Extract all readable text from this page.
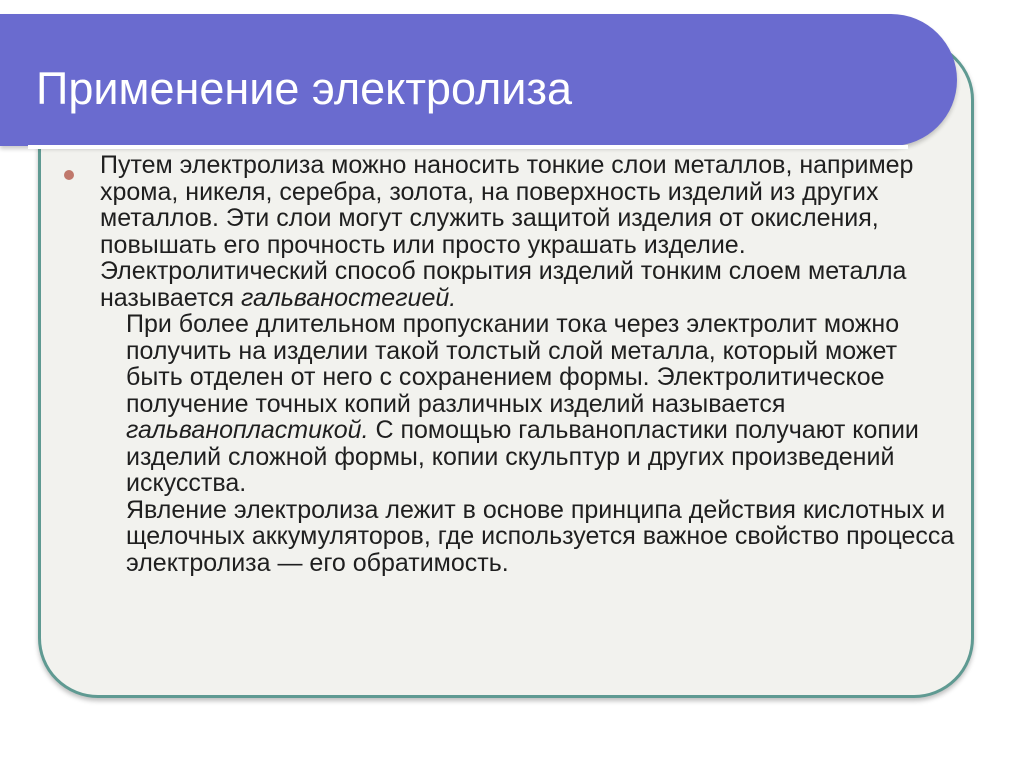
Применение электролиза

Путем электролиза можно наносить тонкие слои металлов, например хрома, никеля, серебра, золота, на поверхность изделий из других металлов. Эти слои могут служить защитой изделия от окисления, повышать его прочность или просто украшать изделие. Электролитический способ покрытия изделий тонким слоем металла называется гальваностегией.

При более длительном пропускании тока через электролит можно получить на изделии такой толстый слой металла, который может быть отделен от него с сохранением формы. Электролитическое получение точных копий различных изделий называется гальванопластикой. С помощью гальванопластики получают копии изделий сложной формы, копии скульптур и других произведений искусства.

Явление электролиза лежит в основе принципа действия кислотных и щелочных аккумуляторов, где используется важное свойство процесса электролиза — его обратимость.
